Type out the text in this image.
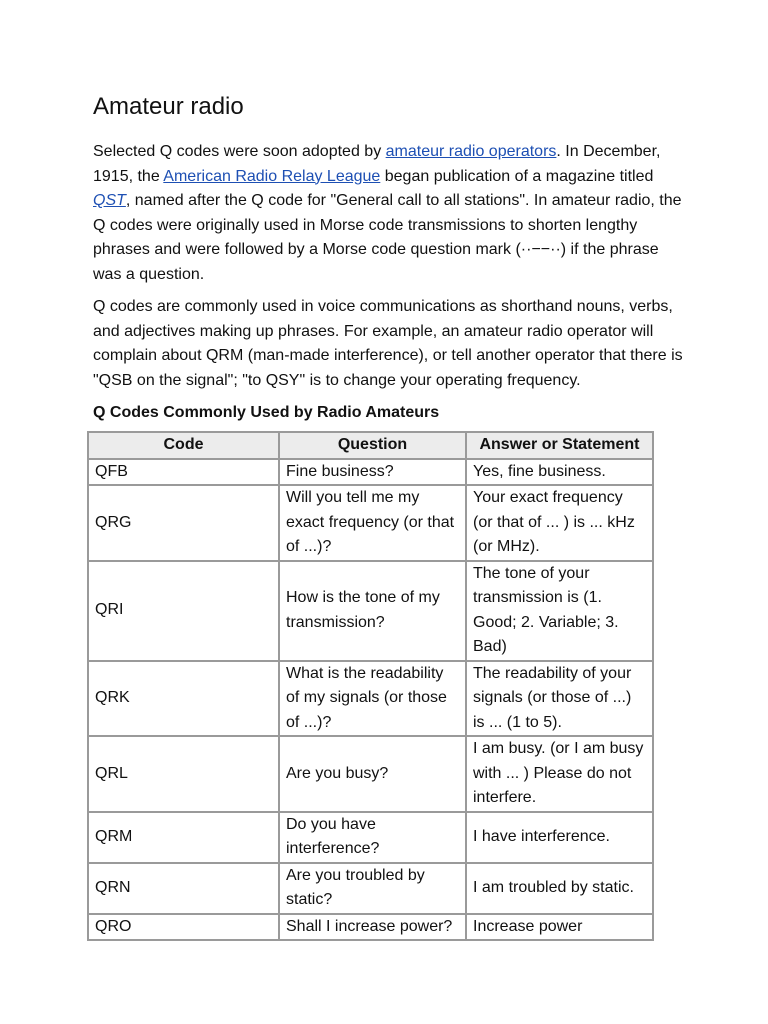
Amateur radio

Selected Q codes were soon adopted by amateur radio operators. In December, 1915, the American Radio Relay League began publication of a magazine titled QST, named after the Q code for "General call to all stations". In amateur radio, the Q codes were originally used in Morse code transmissions to shorten lengthy phrases and were followed by a Morse code question mark (··−−··) if the phrase was a question.

Q codes are commonly used in voice communications as shorthand nouns, verbs, and adjectives making up phrases. For example, an amateur radio operator will complain about QRM (man-made interference), or tell another operator that there is "QSB on the signal"; "to QSY" is to change your operating frequency.

Q Codes Commonly Used by Radio Amateurs
Code	Question	Answer or Statement
QFB	Fine business?	Yes, fine business.
QRG	Will you tell me my exact frequency (or that of ...)?	Your exact frequency (or that of ... ) is ... kHz (or MHz).
QRI	How is the tone of my transmission?	The tone of your transmission is (1. Good; 2. Variable; 3. Bad)
QRK	What is the readability of my signals (or those of ...)?	The readability of your signals (or those of ...) is ... (1 to 5).
QRL	Are you busy?	I am busy. (or I am busy with ... ) Please do not interfere.
QRM	Do you have interference?	I have interference.
QRN	Are you troubled by static?	I am troubled by static.
QRO	Shall I increase power?	Increase power
